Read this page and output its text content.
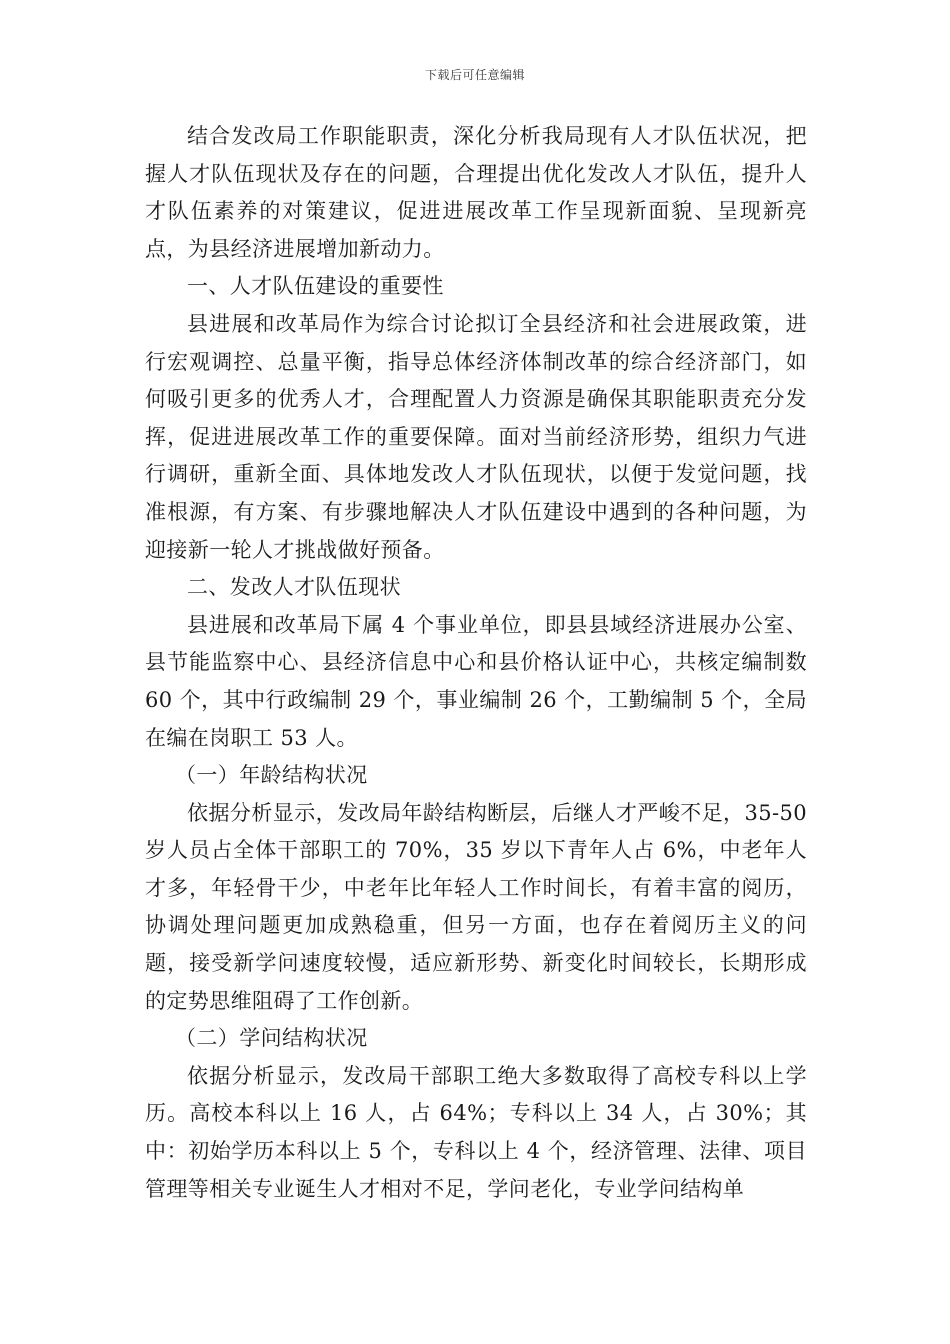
下载后可任意编辑

结合发改局工作职能职责，深化分析我局现有人才队伍状况，把握人才队伍现状及存在的问题，合理提出优化发改人才队伍，提升人才队伍素养的对策建议，促进进展改革工作呈现新面貌、呈现新亮点，为县经济进展增加新动力。

一、人才队伍建设的重要性

县进展和改革局作为综合讨论拟订全县经济和社会进展政策，进行宏观调控、总量平衡，指导总体经济体制改革的综合经济部门，如何吸引更多的优秀人才，合理配置人力资源是确保其职能职责充分发挥，促进进展改革工作的重要保障。面对当前经济形势，组织力气进行调研，重新全面、具体地发改人才队伍现状，以便于发觉问题，找准根源，有方案、有步骤地解决人才队伍建设中遇到的各种问题，为迎接新一轮人才挑战做好预备。

二、发改人才队伍现状

县进展和改革局下属 4 个事业单位，即县县域经济进展办公室、县节能监察中心、县经济信息中心和县价格认证中心，共核定编制数 60 个，其中行政编制 29 个，事业编制 26 个，工勤编制 5 个，全局在编在岗职工 53 人。

（一）年龄结构状况

依据分析显示，发改局年龄结构断层，后继人才严峻不足，35-50 岁人员占全体干部职工的 70%，35 岁以下青年人占 6%，中老年人才多，年轻骨干少，中老年比年轻人工作时间长，有着丰富的阅历，协调处理问题更加成熟稳重，但另一方面，也存在着阅历主义的问题，接受新学问速度较慢，适应新形势、新变化时间较长，长期形成的定势思维阻碍了工作创新。

（二）学问结构状况

依据分析显示，发改局干部职工绝大多数取得了高校专科以上学历。高校本科以上 16 人，占 64%；专科以上 34 人，占 30%；其中：初始学历本科以上 5 个，专科以上 4 个，经济管理、法律、项目管理等相关专业诞生人才相对不足，学问老化，专业学问结构单
